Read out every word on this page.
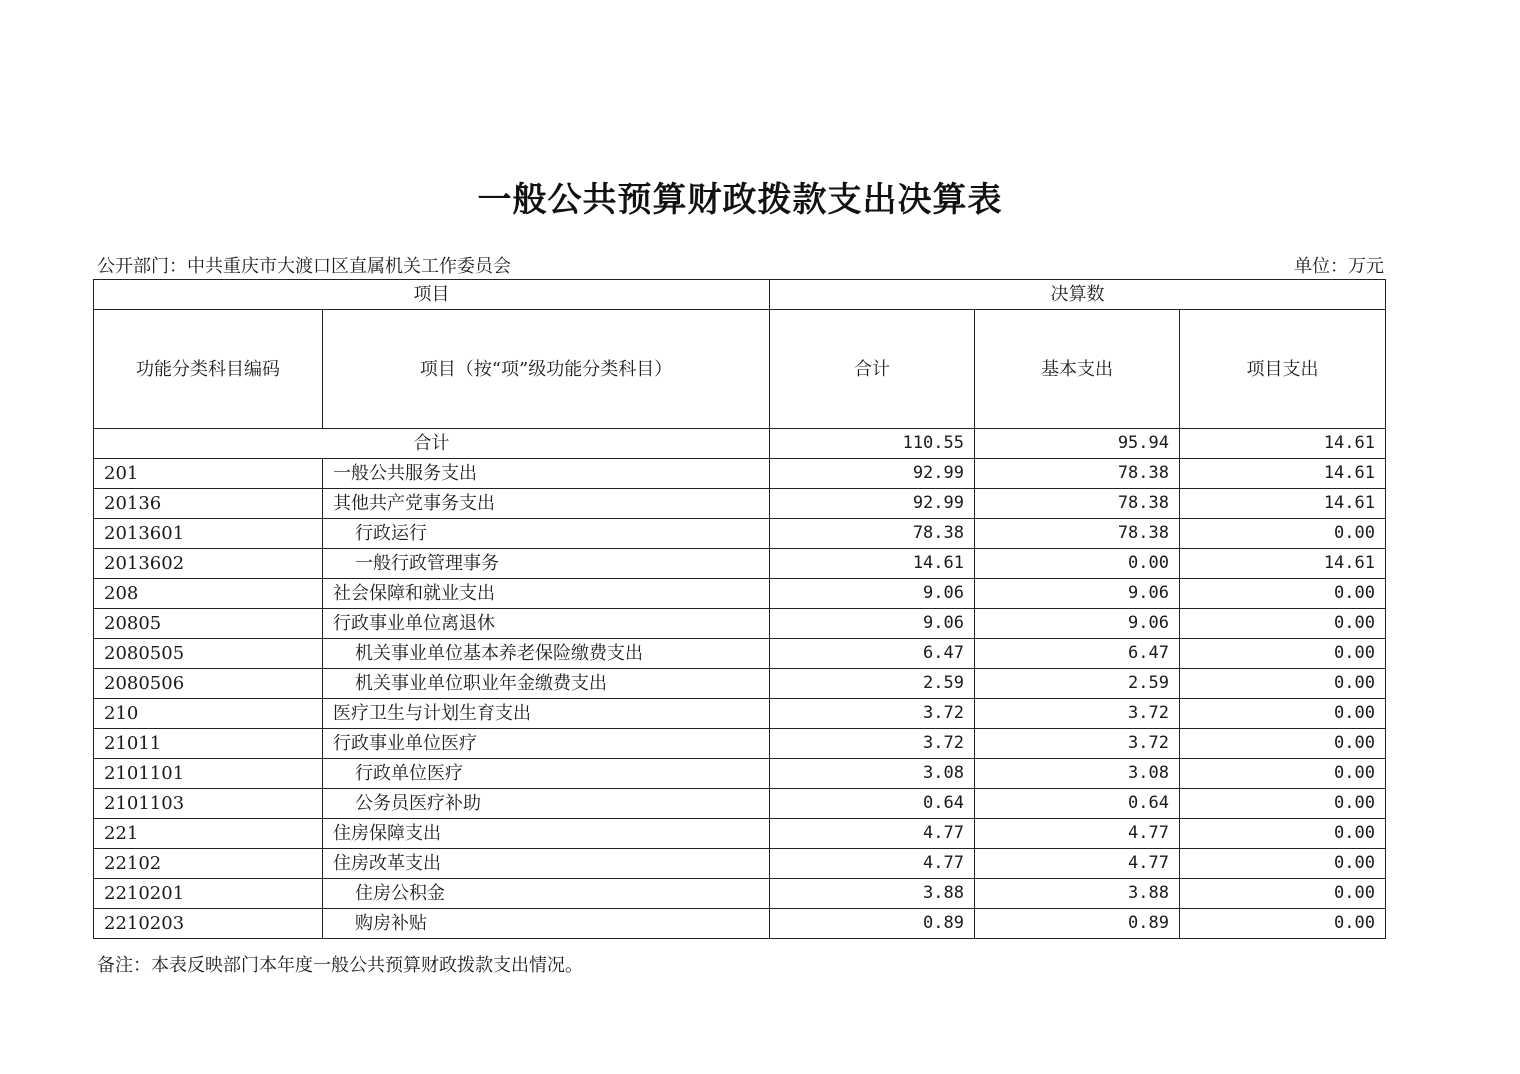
一般公共预算财政拨款支出决算表
公开部门：中共重庆市大渡口区直属机关工作委员会	单位：万元
项目		决算数		
功能分类科目编码	项目（按“项”级功能分类科目）	合计	基本支出	项目支出
合计		110.55	95.94	14.61
201	一般公共服务支出	92.99	78.38	14.61
20136	其他共产党事务支出	92.99	78.38	14.61
2013601	行政运行	78.38	78.38	0.00
2013602	一般行政管理事务	14.61	0.00	14.61
208	社会保障和就业支出	9.06	9.06	0.00
20805	行政事业单位离退休	9.06	9.06	0.00
2080505	机关事业单位基本养老保险缴费支出	6.47	6.47	0.00
2080506	机关事业单位职业年金缴费支出	2.59	2.59	0.00
210	医疗卫生与计划生育支出	3.72	3.72	0.00
21011	行政事业单位医疗	3.72	3.72	0.00
2101101	行政单位医疗	3.08	3.08	0.00
2101103	公务员医疗补助	0.64	0.64	0.00
221	住房保障支出	4.77	4.77	0.00
22102	住房改革支出	4.77	4.77	0.00
2210201	住房公积金	3.88	3.88	0.00
2210203	购房补贴	0.89	0.89	0.00
备注：本表反映部门本年度一般公共预算财政拨款支出情况。
